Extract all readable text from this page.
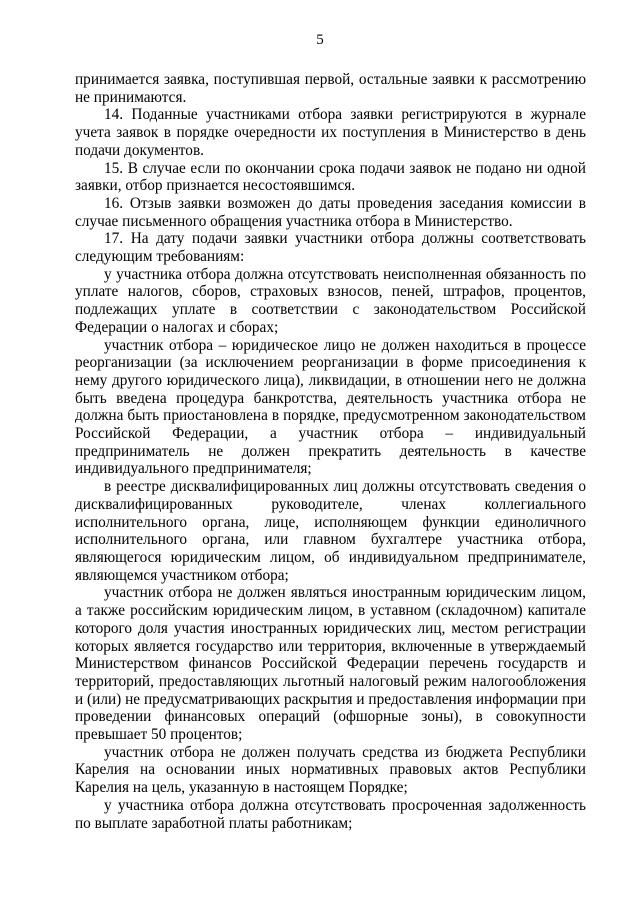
5

принимается заявка, поступившая первой, остальные заявки к рассмотрению не принимаются.

14. Поданные участниками отбора заявки регистрируются в журнале учета заявок в порядке очередности их поступления в Министерство в день подачи документов.

15. В случае если по окончании срока подачи заявок не подано ни одной заявки, отбор признается несостоявшимся.

16. Отзыв заявки возможен до даты проведения заседания комиссии в случае письменного обращения участника отбора в Министерство.

17. На дату подачи заявки участники отбора должны соответствовать следующим требованиям:

у участника отбора должна отсутствовать неисполненная обязанность по уплате налогов, сборов, страховых взносов, пеней, штрафов, процентов, подлежащих уплате в соответствии с законодательством Российской Федерации о налогах и сборах;

участник отбора – юридическое лицо не должен находиться в процессе реорганизации (за исключением реорганизации в форме присоединения к нему другого юридического лица), ликвидации, в отношении него не должна быть введена процедура банкротства, деятельность участника отбора не должна быть приостановлена в порядке, предусмотренном законодательством Российской Федерации, а участник отбора – индивидуальный предприниматель не должен прекратить деятельность в качестве индивидуального предпринимателя;

в реестре дисквалифицированных лиц должны отсутствовать сведения о дисквалифицированных руководителе, членах коллегиального исполнительного органа, лице, исполняющем функции единоличного исполнительного органа, или главном бухгалтере участника отбора, являющегося юридическим лицом, об индивидуальном предпринимателе, являющемся участником отбора;

участник отбора не должен являться иностранным юридическим лицом, а также российским юридическим лицом, в уставном (складочном) капитале которого доля участия иностранных юридических лиц, местом регистрации которых является государство или территория, включенные в утверждаемый Министерством финансов Российской Федерации перечень государств и территорий, предоставляющих льготный налоговый режим налогообложения и (или) не предусматривающих раскрытия и предоставления информации при проведении финансовых операций (офшорные зоны), в совокупности превышает 50 процентов;

участник отбора не должен получать средства из бюджета Республики Карелия на основании иных нормативных правовых актов Республики Карелия на цель, указанную в настоящем Порядке;

у участника отбора должна отсутствовать просроченная задолженность по выплате заработной платы работникам;
